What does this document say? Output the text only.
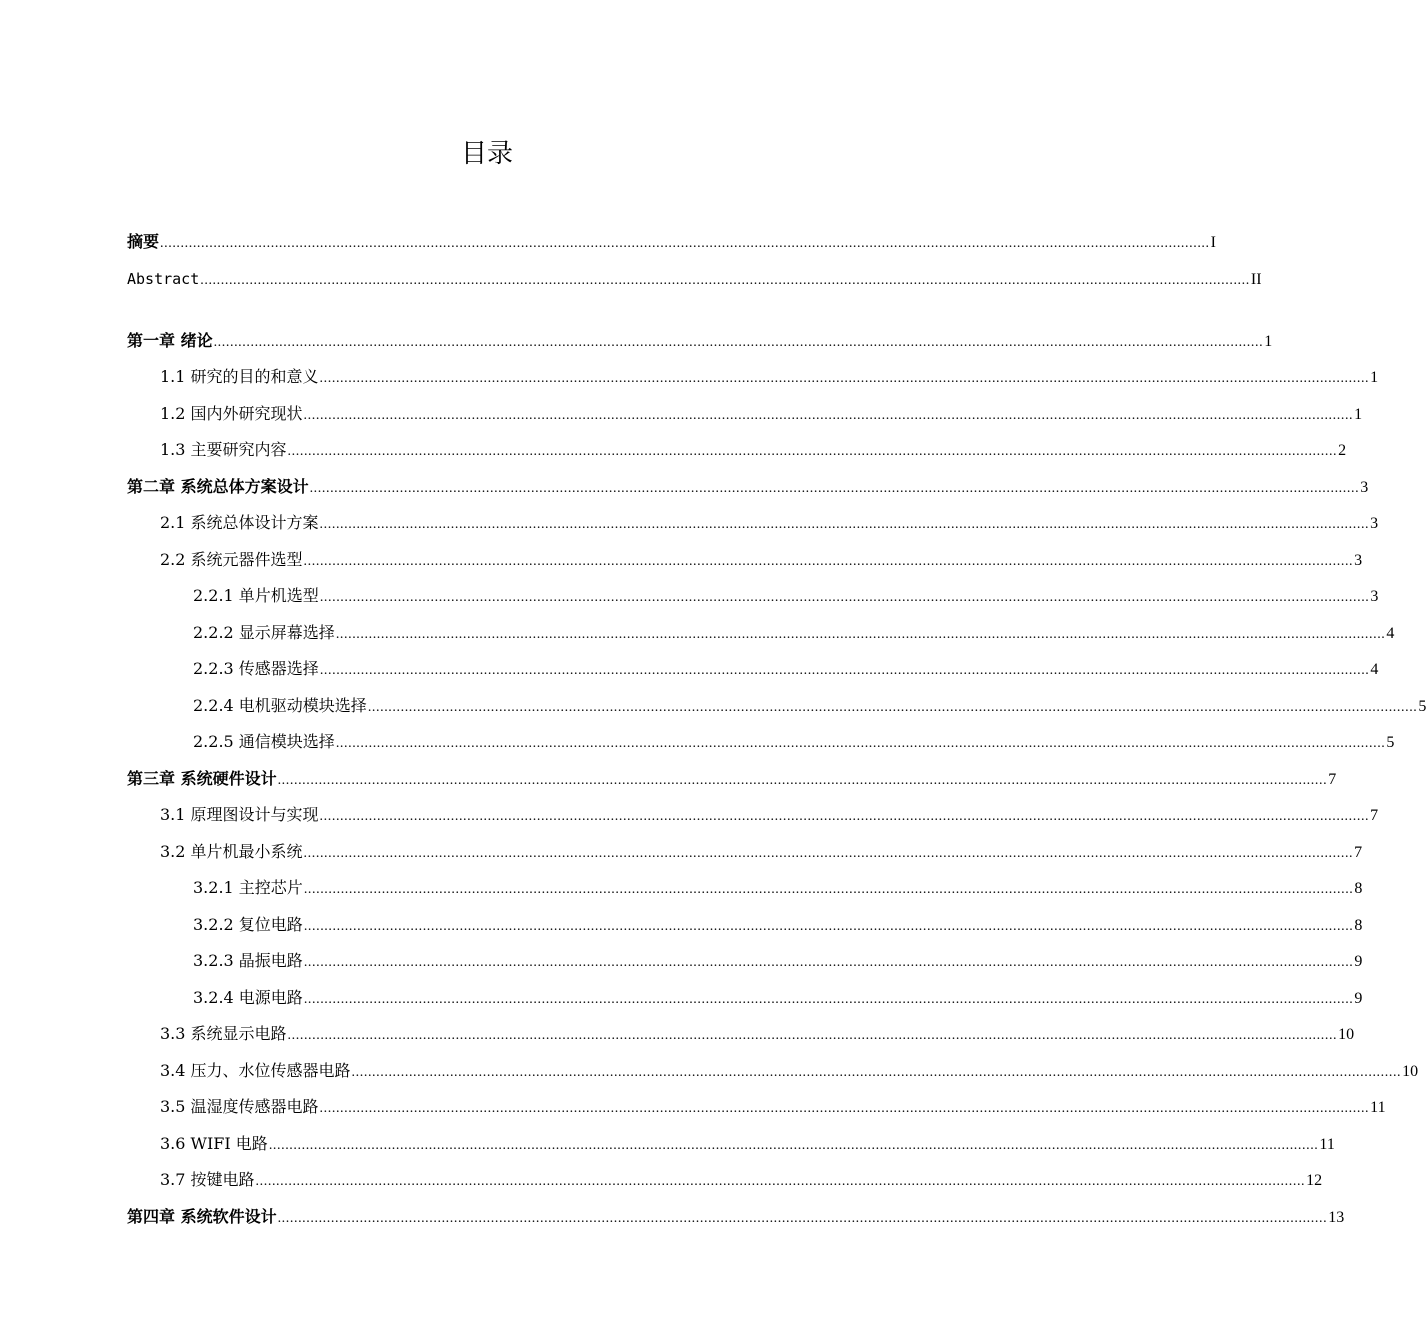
目录
摘要 .....	I
Abstract .....	II
第一章 绪论 .....	1
1.1 研究的目的和意义 .....	1
1.2 国内外研究现状 .....	1
1.3 主要研究内容 .....	2
第二章 系统总体方案设计 .....	3
2.1 系统总体设计方案 .....	3
2.2 系统元器件选型 .....	3
2.2.1 单片机选型 .....	3
2.2.2 显示屏幕选择 .....	4
2.2.3 传感器选择 .....	4
2.2.4 电机驱动模块选择 .....	5
2.2.5 通信模块选择 .....	5
第三章 系统硬件设计 .....	7
3.1 原理图设计与实现 .....	7
3.2 单片机最小系统 .....	7
3.2.1 主控芯片 .....	8
3.2.2 复位电路 .....	8
3.2.3 晶振电路 .....	9
3.2.4 电源电路 .....	9
3.3 系统显示电路 .....	10
3.4 压力、水位传感器电路 .....	10
3.5 温湿度传感器电路 .....	11
3.6 WIFI 电路 .....	11
3.7 按键电路 .....	12
第四章 系统软件设计 .....	13
